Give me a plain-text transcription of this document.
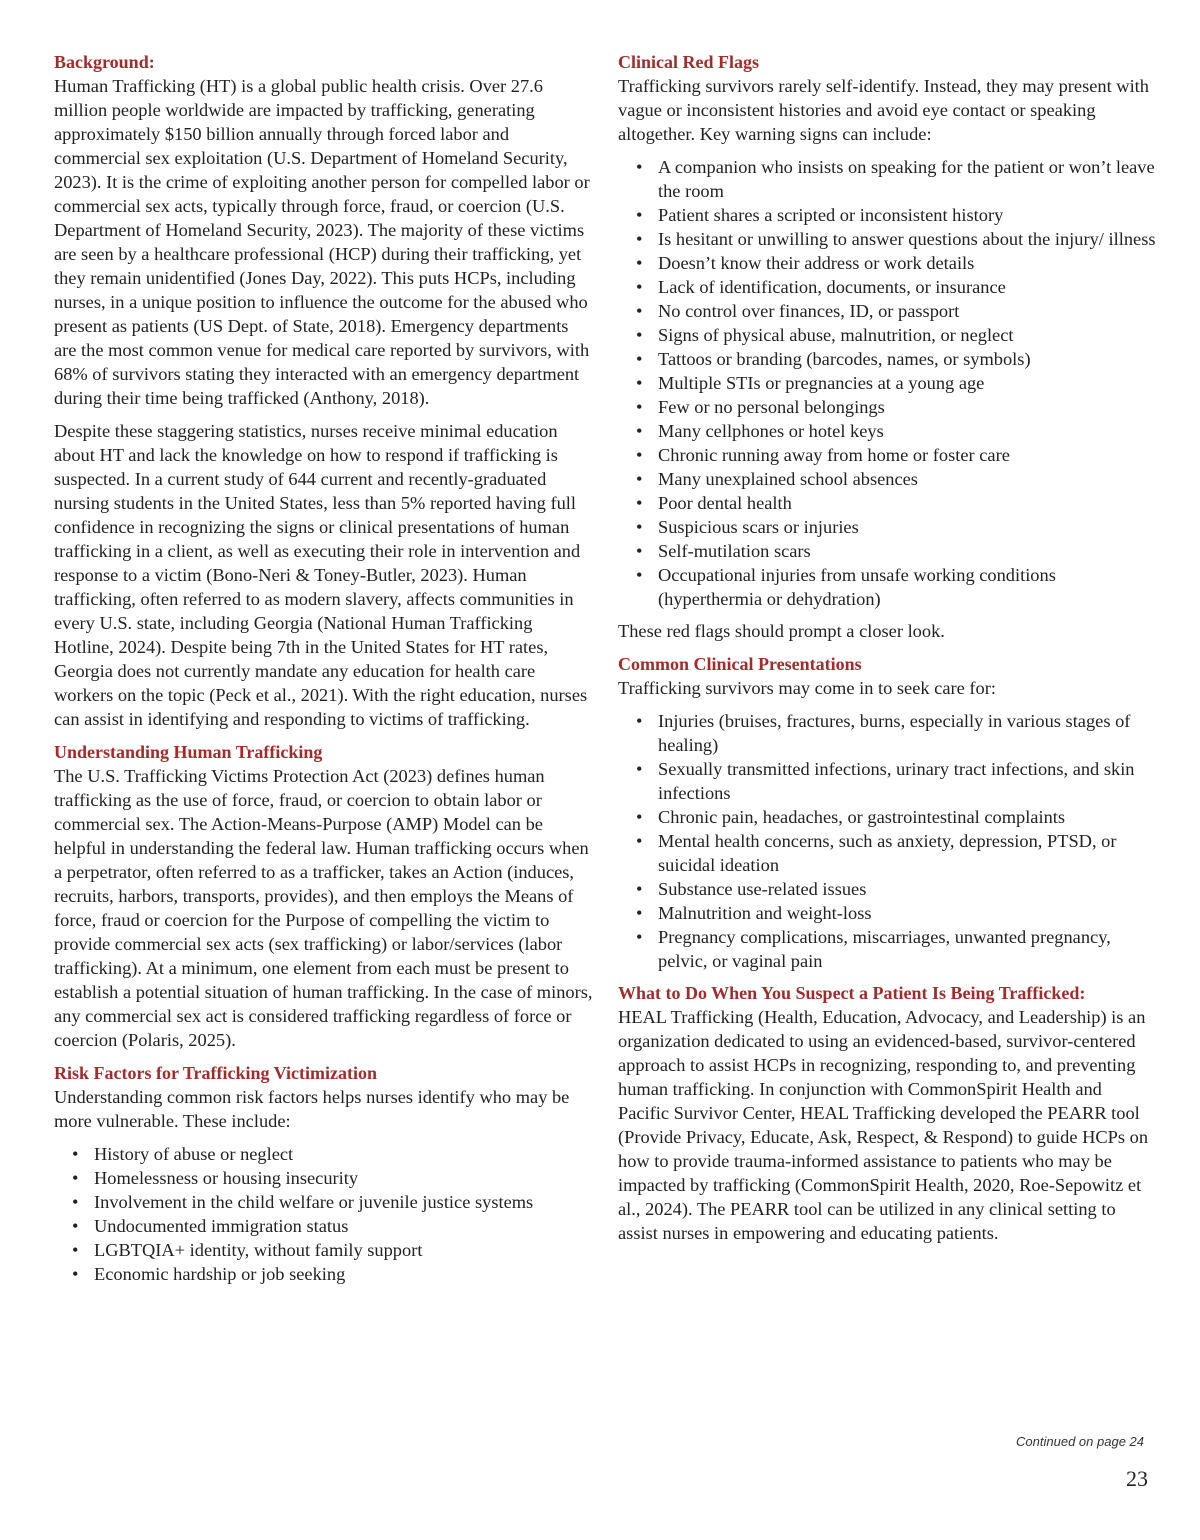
Background:

Human Trafficking (HT) is a global public health crisis. Over 27.6 million people worldwide are impacted by trafficking, generating approximately $150 billion annually through forced labor and commercial sex exploitation (U.S. Department of Homeland Security, 2023). It is the crime of exploiting another person for compelled labor or commercial sex acts, typically through force, fraud, or coercion (U.S. Department of Homeland Security, 2023). The majority of these victims are seen by a healthcare professional (HCP) during their trafficking, yet they remain unidentified (Jones Day, 2022). This puts HCPs, including nurses, in a unique position to influence the outcome for the abused who present as patients (US Dept. of State, 2018). Emergency departments are the most common venue for medical care reported by survivors, with 68% of survivors stating they interacted with an emergency department during their time being trafficked (Anthony, 2018).

Despite these staggering statistics, nurses receive minimal education about HT and lack the knowledge on how to respond if trafficking is suspected. In a current study of 644 current and recently-graduated nursing students in the United States, less than 5% reported having full confidence in recognizing the signs or clinical presentations of human trafficking in a client, as well as executing their role in intervention and response to a victim (Bono-Neri & Toney-Butler, 2023). Human trafficking, often referred to as modern slavery, affects communities in every U.S. state, including Georgia (National Human Trafficking Hotline, 2024). Despite being 7th in the United States for HT rates, Georgia does not currently mandate any education for health care workers on the topic (Peck et al., 2021). With the right education, nurses can assist in identifying and responding to victims of trafficking.

Understanding Human Trafficking

The U.S. Trafficking Victims Protection Act (2023) defines human trafficking as the use of force, fraud, or coercion to obtain labor or commercial sex. The Action-Means-Purpose (AMP) Model can be helpful in understanding the federal law. Human trafficking occurs when a perpetrator, often referred to as a trafficker, takes an Action (induces, recruits, harbors, transports, provides), and then employs the Means of force, fraud or coercion for the Purpose of compelling the victim to provide commercial sex acts (sex trafficking) or labor/services (labor trafficking). At a minimum, one element from each must be present to establish a potential situation of human trafficking. In the case of minors, any commercial sex act is considered trafficking regardless of force or coercion (Polaris, 2025).

Risk Factors for Trafficking Victimization

Understanding common risk factors helps nurses identify who may be more vulnerable. These include:

• History of abuse or neglect
• Homelessness or housing insecurity
• Involvement in the child welfare or juvenile justice systems
• Undocumented immigration status
• LGBTQIA+ identity, without family support
• Economic hardship or job seeking
Clinical Red Flags

Trafficking survivors rarely self-identify. Instead, they may present with vague or inconsistent histories and avoid eye contact or speaking altogether. Key warning signs can include:

• A companion who insists on speaking for the patient or won’t leave the room
• Patient shares a scripted or inconsistent history
• Is hesitant or unwilling to answer questions about the injury/ illness
• Doesn’t know their address or work details
• Lack of identification, documents, or insurance
• No control over finances, ID, or passport
• Signs of physical abuse, malnutrition, or neglect
• Tattoos or branding (barcodes, names, or symbols)
• Multiple STIs or pregnancies at a young age
• Few or no personal belongings
• Many cellphones or hotel keys
• Chronic running away from home or foster care
• Many unexplained school absences
• Poor dental health
• Suspicious scars or injuries
• Self-mutilation scars
• Occupational injuries from unsafe working conditions (hyperthermia or dehydration)

These red flags should prompt a closer look.

Common Clinical Presentations

Trafficking survivors may come in to seek care for:

• Injuries (bruises, fractures, burns, especially in various stages of healing)
• Sexually transmitted infections, urinary tract infections, and skin infections
• Chronic pain, headaches, or gastrointestinal complaints
• Mental health concerns, such as anxiety, depression, PTSD, or suicidal ideation
• Substance use-related issues
• Malnutrition and weight-loss
• Pregnancy complications, miscarriages, unwanted pregnancy, pelvic, or vaginal pain
What to Do When You Suspect a Patient Is Being Trafficked:

HEAL Trafficking (Health, Education, Advocacy, and Leadership) is an organization dedicated to using an evidenced-based, survivor-centered approach to assist HCPs in recognizing, responding to, and preventing human trafficking. In conjunction with CommonSpirit Health and Pacific Survivor Center, HEAL Trafficking developed the PEARR tool (Provide Privacy, Educate, Ask, Respect, & Respond) to guide HCPs on how to provide trauma-informed assistance to patients who may be impacted by trafficking (CommonSpirit Health, 2020, Roe-Sepowitz et al., 2024). The PEARR tool can be utilized in any clinical setting to assist nurses in empowering and educating patients.

Continued on page 24
23
